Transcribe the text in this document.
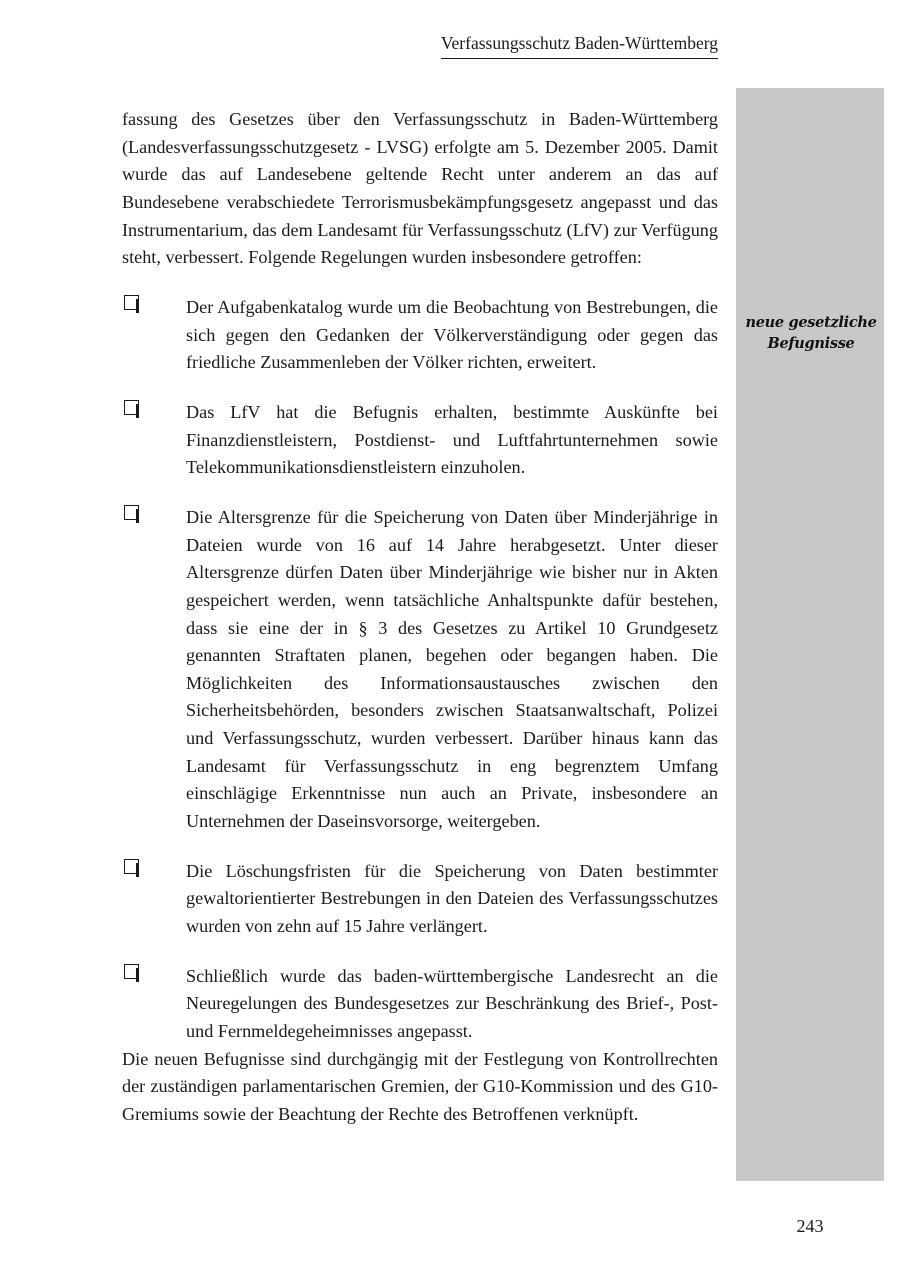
Verfassungsschutz Baden-Württemberg
neue gesetzliche Befugnisse

fassung des Gesetzes über den Verfassungsschutz in Baden-Württemberg (Landesverfassungsschutzgesetz - LVSG) erfolgte am 5. Dezember 2005. Damit wurde das auf Landesebene geltende Recht unter anderem an das auf Bundesebene verabschiedete Terrorismusbekämpfungsgesetz angepasst und das Instrumentarium, das dem Landesamt für Verfassungsschutz (LfV) zur Verfügung steht, verbessert. Folgende Regelungen wurden insbesondere getroffen:

Der Aufgabenkatalog wurde um die Beobachtung von Bestrebungen, die sich gegen den Gedanken der Völkerverständigung oder gegen das friedliche Zusammenleben der Völker richten, erweitert.
Das LfV hat die Befugnis erhalten, bestimmte Auskünfte bei Finanzdienstleistern, Postdienst- und Luftfahrtunternehmen sowie Telekommunikationsdienstleistern einzuholen.
Die Altersgrenze für die Speicherung von Daten über Minderjährige in Dateien wurde von 16 auf 14 Jahre herabgesetzt. Unter dieser Altersgrenze dürfen Daten über Minderjährige wie bisher nur in Akten gespeichert werden, wenn tatsächliche Anhaltspunkte dafür bestehen, dass sie eine der in § 3 des Gesetzes zu Artikel 10 Grundgesetz genannten Straftaten planen, begehen oder begangen haben. Die Möglichkeiten des Informationsaustausches zwischen den Sicherheitsbehörden, besonders zwischen Staatsanwaltschaft, Polizei und Verfassungsschutz, wurden verbessert. Darüber hinaus kann das Landesamt für Verfassungsschutz in eng begrenztem Umfang einschlägige Erkenntnisse nun auch an Private, insbesondere an Unternehmen der Daseinsvorsorge, weitergeben.
Die Löschungsfristen für die Speicherung von Daten bestimmter gewaltorientierter Bestrebungen in den Dateien des Verfassungsschutzes wurden von zehn auf 15 Jahre verlängert.
Schließlich wurde das baden-württembergische Landesrecht an die Neuregelungen des Bundesgesetzes zur Beschränkung des Brief-, Post- und Fernmeldegeheimnisses angepasst.

Die neuen Befugnisse sind durchgängig mit der Festlegung von Kontrollrechten der zuständigen parlamentarischen Gremien, der G10-Kommission und des G10-Gremiums sowie der Beachtung der Rechte des Betroffenen verknüpft.

243
